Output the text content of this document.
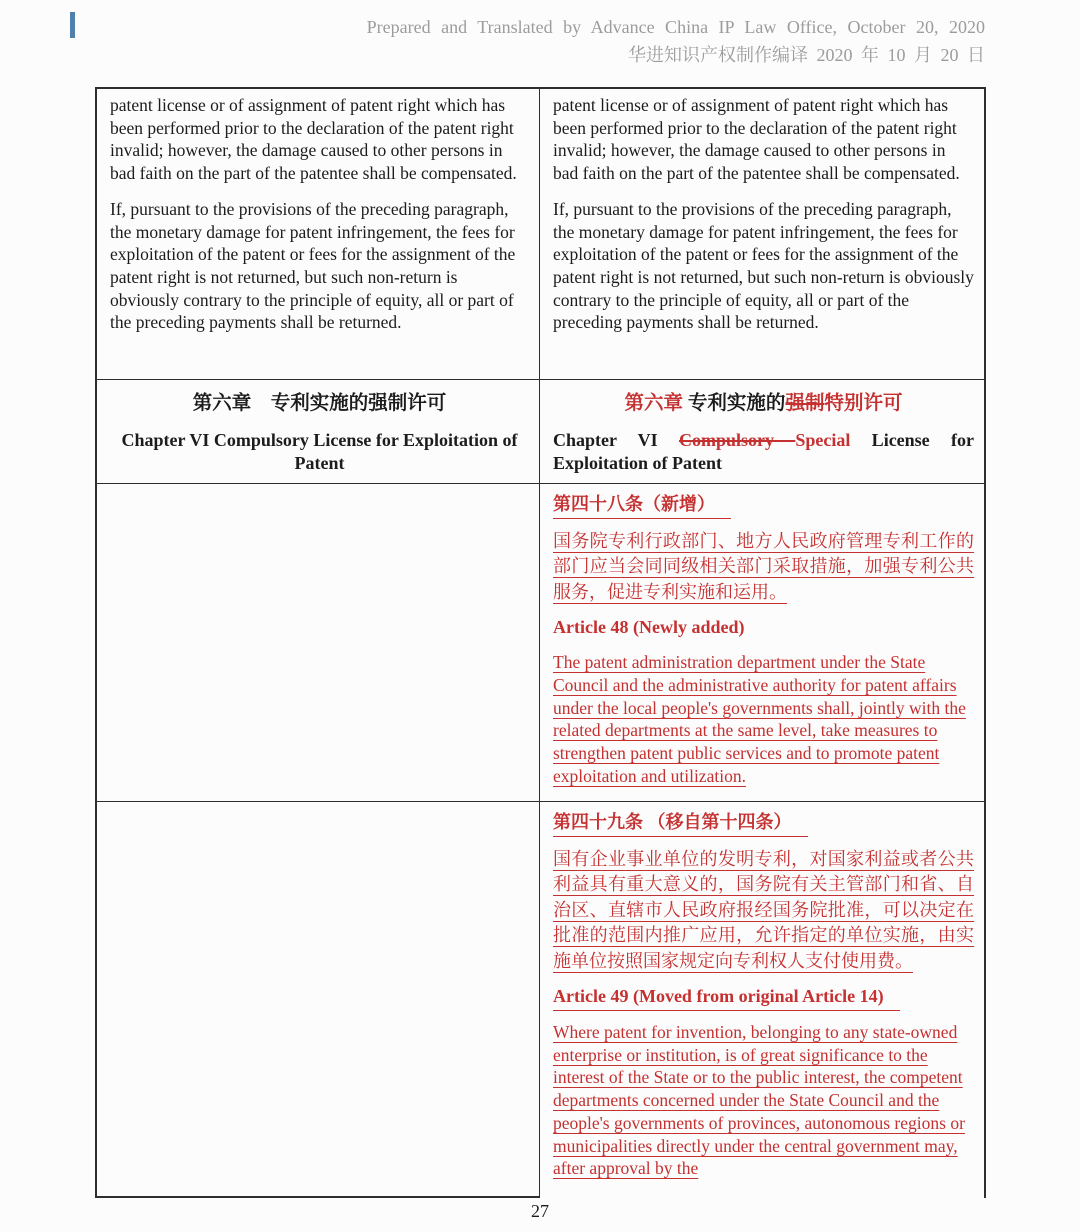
Prepared and Translated by Advance China IP Law Office, October 20, 2020
华进知识产权制作编译 2020 年 10 月 20 日

patent license or of assignment of patent right which has been performed prior to the declaration of the patent right invalid; however, the damage caused to other persons in bad faith on the part of the patentee shall be compensated.

If, pursuant to the provisions of the preceding paragraph, the monetary damage for patent infringement, the fees for exploitation of the patent or fees for the assignment of the patent right is not returned, but such non-return is obviously contrary to the principle of equity, all or part of the preceding payments shall be returned.

patent license or of assignment of patent right which has been performed prior to the declaration of the patent right invalid; however, the damage caused to other persons in bad faith on the part of the patentee shall be compensated.

If, pursuant to the provisions of the preceding paragraph, the monetary damage for patent infringement, the fees for exploitation of the patent or fees for the assignment of the patent right is not returned, but such non-return is obviously contrary to the principle of equity, all or part of the preceding payments shall be returned.

第六章　专利实施的强制许可
Chapter VI Compulsory License for Exploitation of Patent
第六章 专利实施的强制特别许可
Chapter VI Compulsory Special License for Exploitation of Patent
第四十八条（新增）

国务院专利行政部门、地方人民政府管理专利工作的部门应当会同同级相关部门采取措施，加强专利公共服务，促进专利实施和运用。

Article 48 (Newly added)

The patent administration department under the State Council and the administrative authority for patent affairs under the local people's governments shall, jointly with the related departments at the same level, take measures to strengthen patent public services and to promote patent exploitation and utilization.

第四十九条 （移自第十四条）

国有企业事业单位的发明专利，对国家利益或者公共利益具有重大意义的，国务院有关主管部门和省、自治区、直辖市人民政府报经国务院批准，可以决定在批准的范围内推广应用，允许指定的单位实施，由实施单位按照国家规定向专利权人支付使用费。

Article 49 (Moved from original Article 14)

Where patent for invention, belonging to any state-owned enterprise or institution, is of great significance to the interest of the State or to the public interest, the competent departments concerned under the State Council and the people's governments of provinces, autonomous regions or municipalities directly under the central government may, after approval by the

27
